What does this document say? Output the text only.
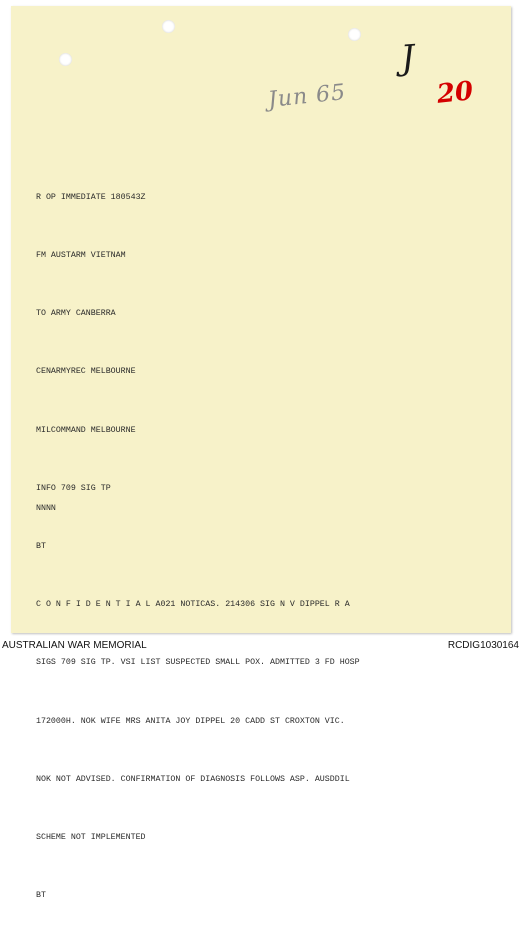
J
20
Jun 65

R OP IMMEDIATE 180543Z

FM AUSTARM VIETNAM

TO ARMY CANBERRA

CENARMYREC MELBOURNE

MILCOMMAND MELBOURNE

INFO 709 SIG TP

BT

C O N F I D E N T I A L A021 NOTICAS. 214306 SIG N V DIPPEL R A

SIGS 709 SIG TP. VSI LIST SUSPECTED SMALL POX. ADMITTED 3 FD HOSP

172000H. NOK WIFE MRS ANITA JOY DIPPEL 20 CADD ST CROXTON VIC.

NOK NOT ADVISED. CONFIRMATION OF DIAGNOSIS FOLLOWS ASP. AUSDDIL

SCHEME NOT IMPLEMENTED

BT

NNNN
AUSTRALIAN WAR MEMORIAL	RCDIG1030164
